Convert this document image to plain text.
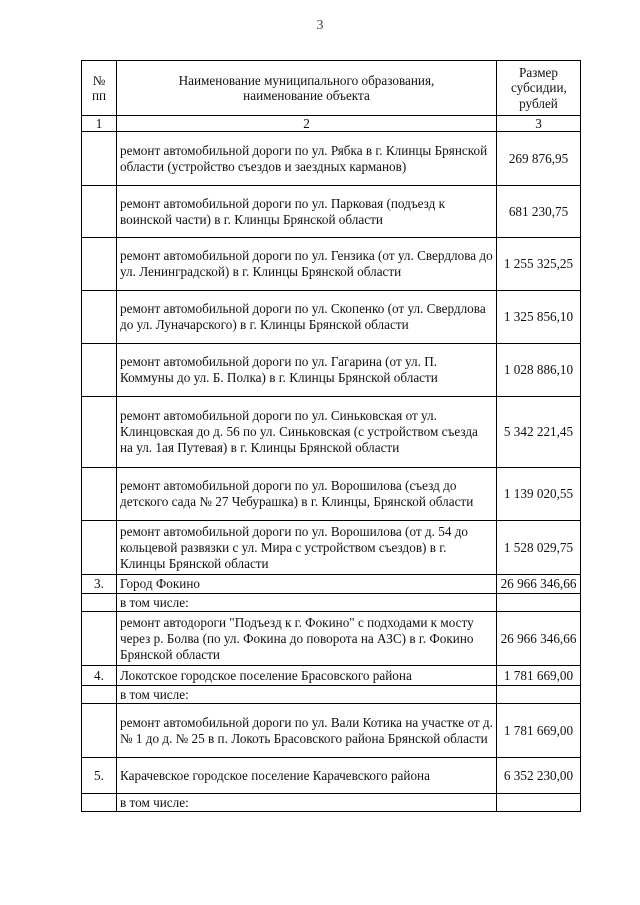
3
№ пп	Наименование муниципального образования, наименование объекта	Размер субсидии, рублей
1	2	3
	ремонт автомобильной дороги по ул. Рябка в г. Клинцы Брянской области (устройство съездов и заездных карманов)	269 876,95
	ремонт автомобильной дороги по ул. Парковая (подъезд к воинской части) в г. Клинцы Брянской области	681 230,75
	ремонт автомобильной дороги по ул. Гензика (от ул. Свердлова до ул. Ленинградской) в г. Клинцы Брянской области	1 255 325,25
	ремонт автомобильной дороги по ул. Скопенко (от ул. Свердлова до ул. Луначарского) в г. Клинцы Брянской области	1 325 856,10
	ремонт автомобильной дороги по ул. Гагарина (от ул. П. Коммуны до ул. Б. Полка) в г. Клинцы Брянской области	1 028 886,10
	ремонт автомобильной дороги по ул. Синьковская от ул. Клинцовская до д. 56 по ул. Синьковская (с устройством съезда на ул. 1ая Путевая) в г. Клинцы Брянской области	5 342 221,45
	ремонт автомобильной дороги по ул. Ворошилова (съезд до детского сада № 27 Чебурашка) в г. Клинцы, Брянской области	1 139 020,55
	ремонт автомобильной дороги по ул. Ворошилова (от д. 54 до кольцевой развязки с ул. Мира с устройством съездов) в г. Клинцы Брянской области	1 528 029,75
3.	Город Фокино	26 966 346,66
	в том числе:	
	ремонт автодороги "Подъезд к г. Фокино" с подходами к мосту через р. Болва (по ул. Фокина до поворота на АЗС) в г. Фокино Брянской области	26 966 346,66
4.	Локотское городское поселение Брасовского района	1 781 669,00
	в том числе:	
	ремонт автомобильной дороги по ул. Вали Котика на участке от д. № 1 до д. № 25 в п. Локоть Брасовского района Брянской области	1 781 669,00
5.	Карачевское городское поселение Карачевского района	6 352 230,00
	в том числе:	
